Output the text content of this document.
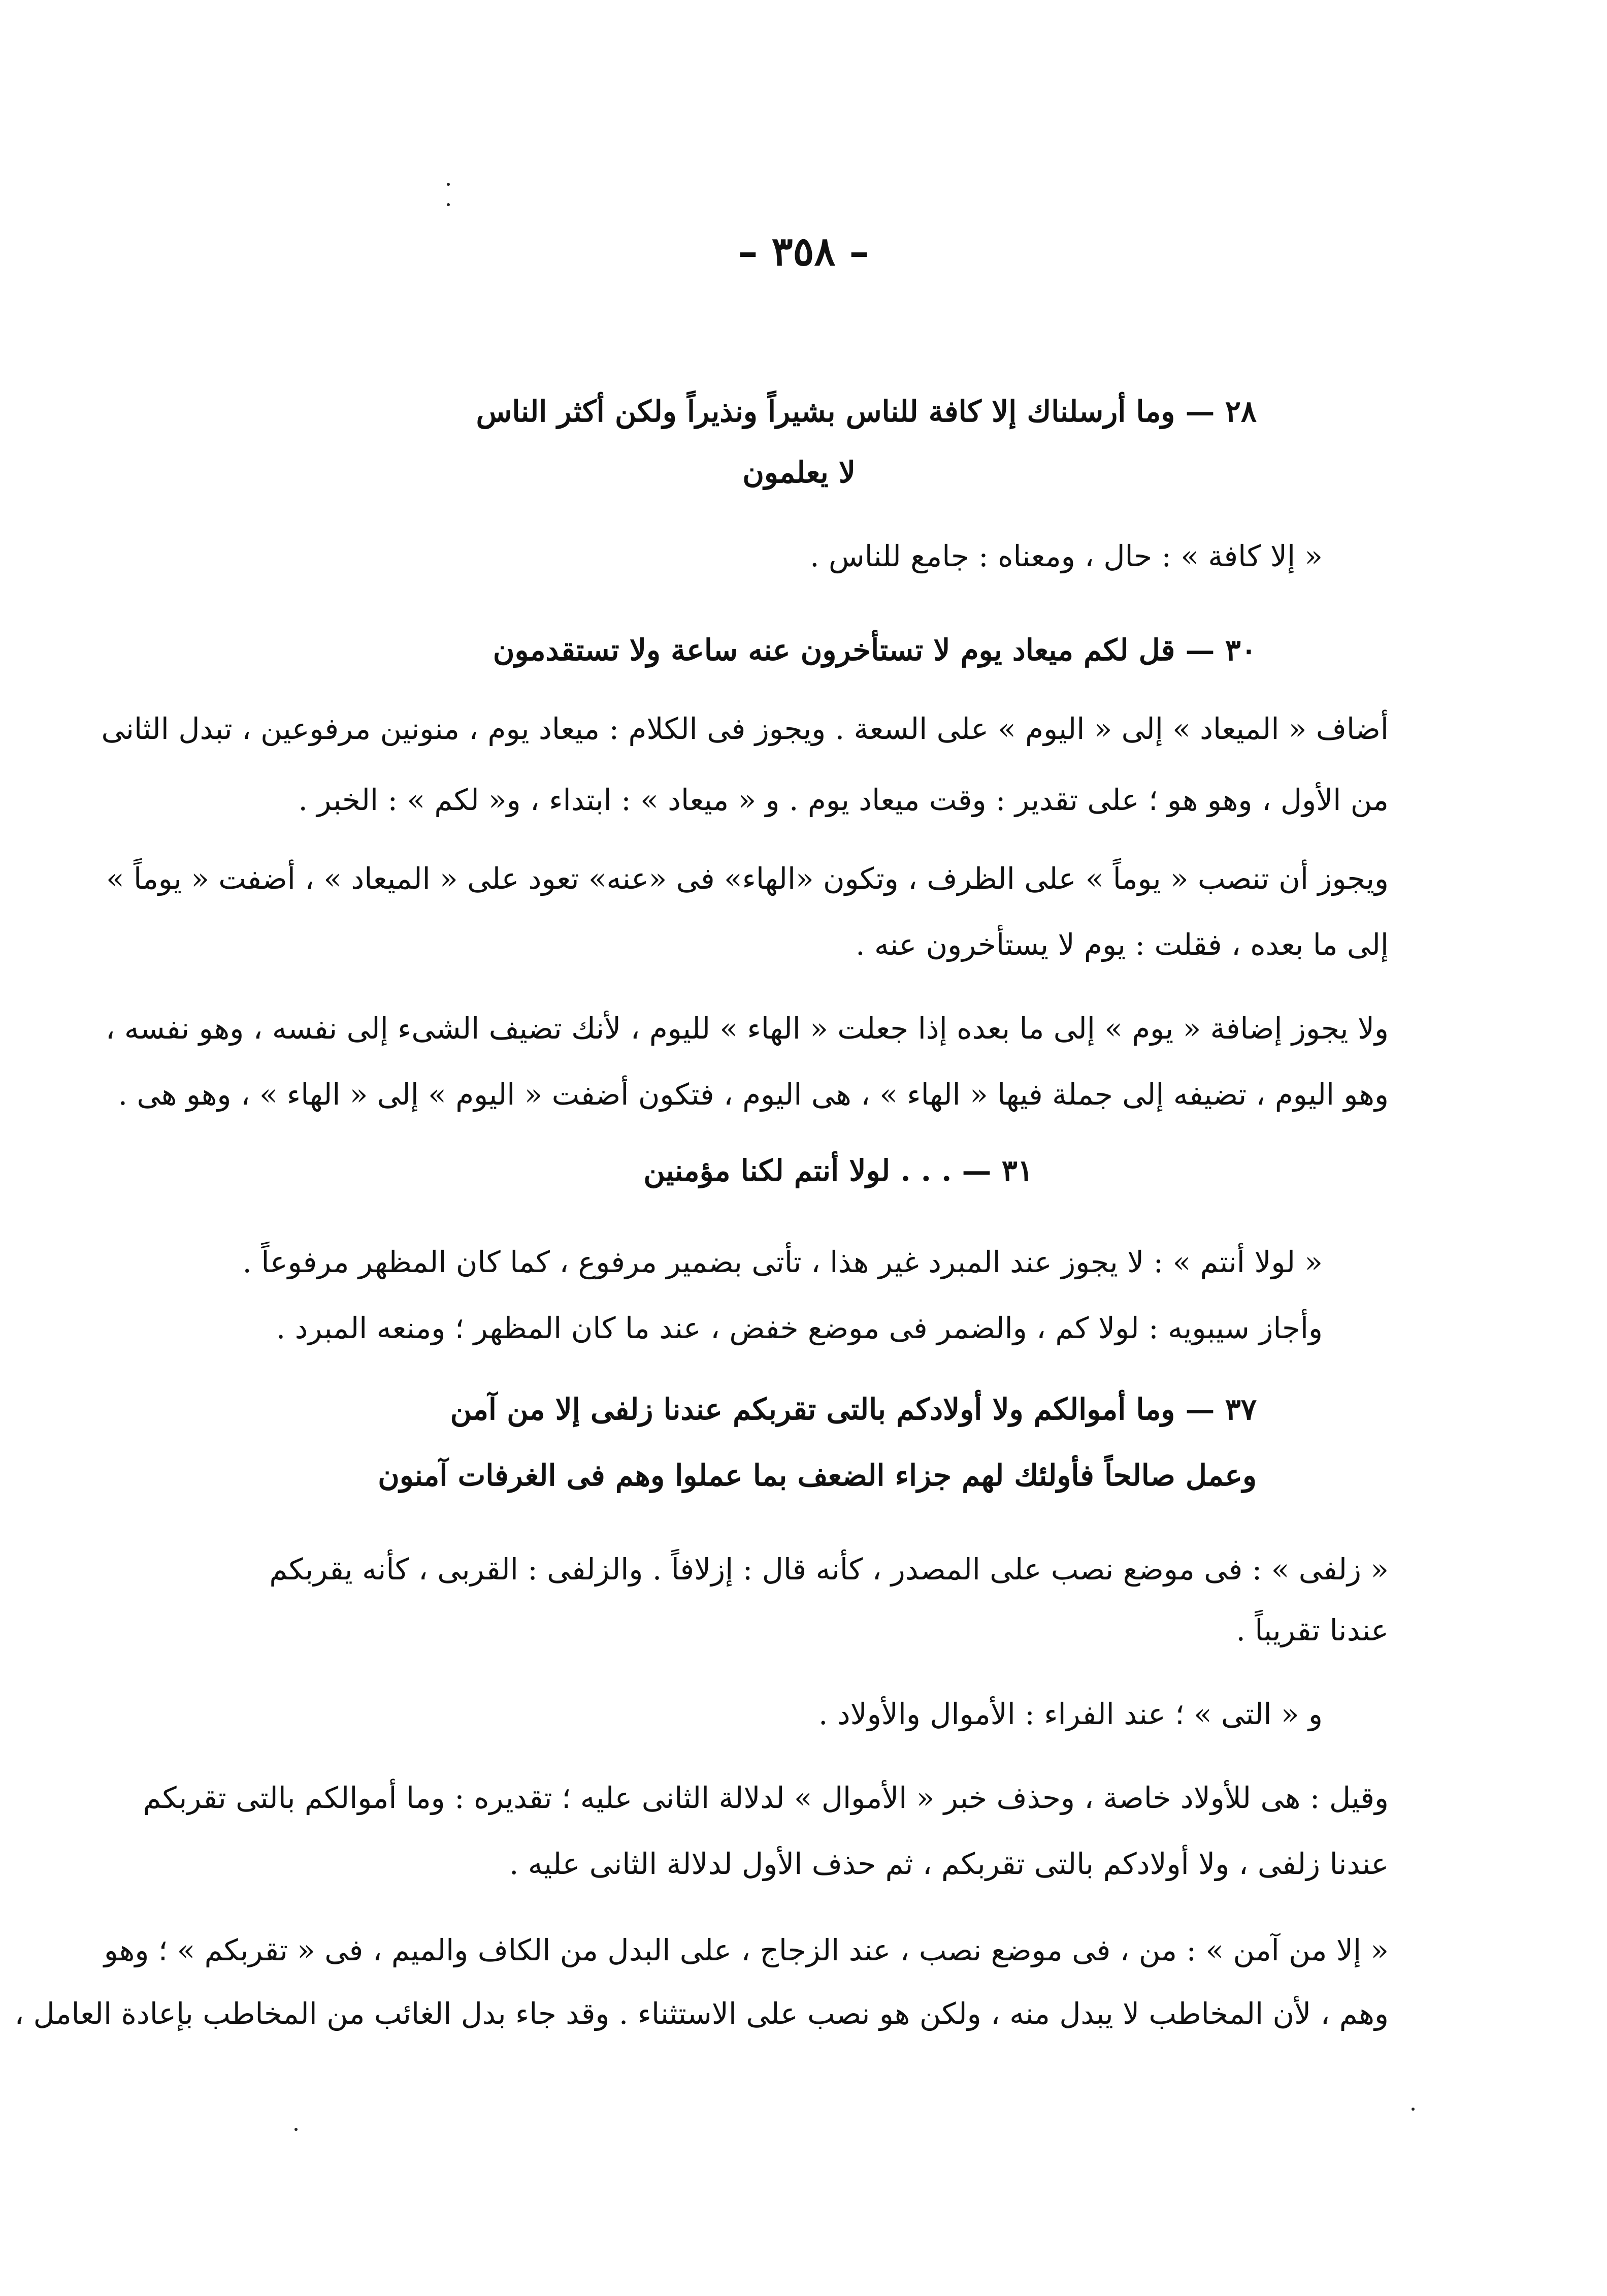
– ٣٥٨ –
٢٨ — وما أرسلناك إلا كافة للناس بشيراً ونذيراً ولكن أكثر الناس
لا يعلمون
« إلا كافة » : حال ، ومعناه : جامع للناس .
٣٠ — قل لكم ميعاد يوم لا تستأخرون عنه ساعة ولا تستقدمون
أضاف « الميعاد » إلى « اليوم » على السعة . ويجوز فى الكلام : ميعاد يوم ، منونين مرفوعين ، تبدل الثانى
من الأول ، وهو هو ؛ على تقدير : وقت ميعاد يوم . و « ميعاد » : ابتداء ، و« لكم » : الخبر .
ويجوز أن تنصب « يوماً » على الظرف ، وتكون «الهاء» فى «عنه» تعود على « الميعاد » ، أضفت « يوماً »
إلى ما بعده ، فقلت : يوم لا يستأخرون عنه .
ولا يجوز إضافة « يوم » إلى ما بعده إذا جعلت « الهاء » لليوم ، لأنك تضيف الشىء إلى نفسه ، وهو نفسه ،
وهو اليوم ، تضيفه إلى جملة فيها « الهاء » ، هى اليوم ، فتكون أضفت « اليوم » إلى « الهاء » ، وهو هى .
٣١ — . . . لولا أنتم لكنا مؤمنين
« لولا أنتم » : لا يجوز عند المبرد غير هذا ، تأتى بضمير مرفوع ، كما كان المظهر مرفوعاً .
وأجاز سيبويه : لولا كم ، والضمر فى موضع خفض ، عند ما كان المظهر ؛ ومنعه المبرد .
٣٧ — وما أموالكم ولا أولادكم بالتى تقربكم عندنا زلفى إلا من آمن
وعمل صالحاً فأولئك لهم جزاء الضعف بما عملوا وهم فى الغرفات آمنون
« زلفى » : فى موضع نصب على المصدر ، كأنه قال : إزلافاً . والزلفى : القربى ، كأنه يقربكم
عندنا تقريباً .
و « التى » ؛ عند الفراء : الأموال والأولاد .
وقيل : هى للأولاد خاصة ، وحذف خبر « الأموال » لدلالة الثانى عليه ؛ تقديره : وما أموالكم بالتى تقربكم
عندنا زلفى ، ولا أولادكم بالتى تقربكم ، ثم حذف الأول لدلالة الثانى عليه .
« إلا من آمن » : من ، فى موضع نصب ، عند الزجاج ، على البدل من الكاف والميم ، فى « تقربكم » ؛ وهو
وهم ، لأن المخاطب لا يبدل منه ، ولكن هو نصب على الاستثناء . وقد جاء بدل الغائب من المخاطب بإعادة العامل ،
